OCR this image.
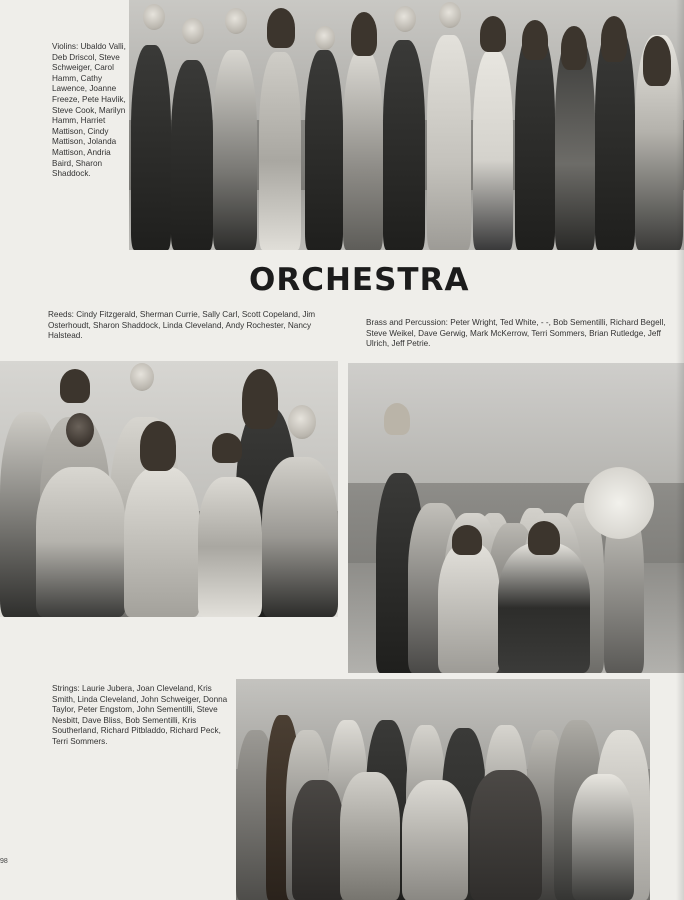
Violins: Ubaldo Valli, Deb Driscol, Steve Schweiger, Carol Hamm, Cathy Lawence, Joanne Freeze, Pete Havlik, Steve Cook, Marilyn Hamm, Harriet Mattison, Cindy Mattison, Jolanda Mattison, Andria Baird, Sharon Shaddock.
ORCHESTRA
Reeds: Cindy Fitzgerald, Sherman Currie, Sally Carl, Scott Copeland, Jim Osterhoudt, Sharon Shaddock, Linda Cleveland, Andy Rochester, Nancy Halstead.
Brass and Percussion: Peter Wright, Ted White, - -, Bob Sementilli, Richard Begell, Steve Weikel, Dave Gerwig, Mark McKerrow, Terri Sommers, Brian Rutledge, Jeff Ulrich, Jeff Petrie.
Strings: Laurie Jubera, Joan Cleveland, Kris Smith, Linda Cleveland, John Schweiger, Donna Taylor, Peter Engstom, John Sementilli, Steve Nesbitt, Dave Bliss, Bob Sementilli, Kris Southerland, Richard Pitbladdo, Richard Peck, Terri Sommers.
98
